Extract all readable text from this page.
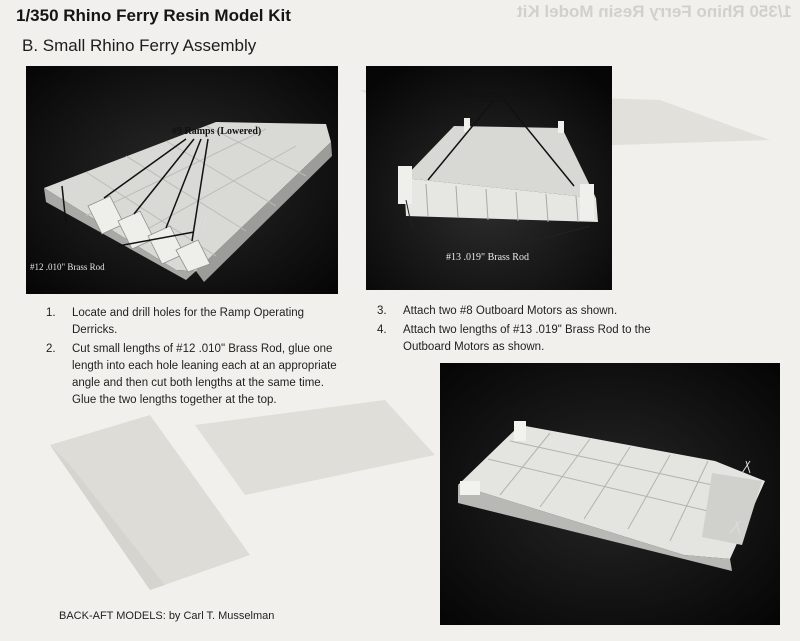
1/350 Rhino Ferry Resin Model Kit
1/350 Rhino Ferry Resin Model Kit
B. Small Rhino Ferry Assembly
#9 Ramps (Lowered)
#12 .010" Brass Rod
#8 Outboard Motors
#13 .019" Brass Rod
1. Locate and drill holes for the Ramp Operating Derricks.
2. Cut small lengths of #12 .010" Brass Rod, glue one length into each hole leaning each at an appropriate angle and then cut both lengths at the same time. Glue the two lengths together at the top.
3. Attach two #8 Outboard Motors as shown.
4. Attach two lengths of #13 .019" Brass Rod to the Outboard Motors as shown.
BACK-AFT MODELS: by Carl T. Musselman
